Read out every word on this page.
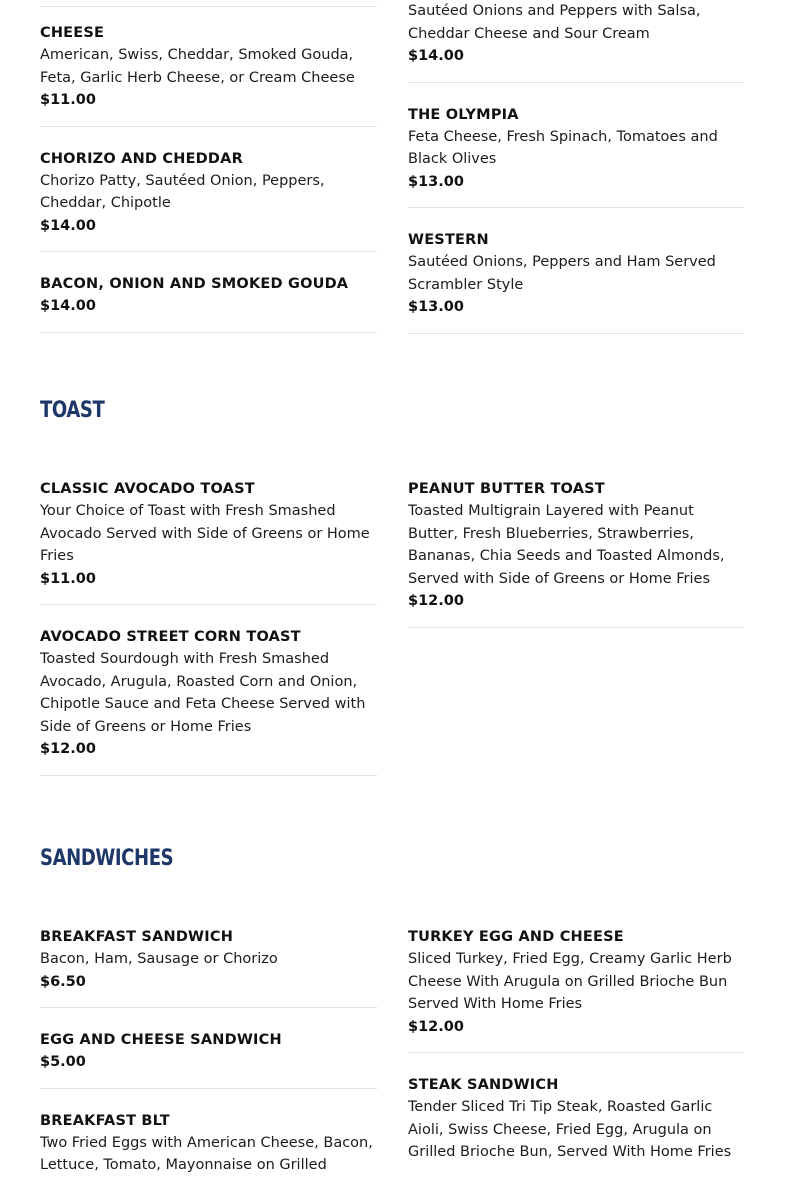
CHEESE
American, Swiss, Cheddar, Smoked Gouda, Feta, Garlic Herb Cheese, or Cream Cheese
$11.00
CHORIZO AND CHEDDAR
Chorizo Patty, Sautéed Onion, Peppers, Cheddar, Chipotle
$14.00
BACON, ONION AND SMOKED GOUDA
$14.00
Sautéed Onions and Peppers with Salsa, Cheddar Cheese and Sour Cream
$14.00
THE OLYMPIA
Feta Cheese, Fresh Spinach, Tomatoes and Black Olives
$13.00
WESTERN
Sautéed Onions, Peppers and Ham Served Scrambler Style
$13.00
TOAST
CLASSIC AVOCADO TOAST
Your Choice of Toast with Fresh Smashed Avocado Served with Side of Greens or Home Fries
$11.00
AVOCADO STREET CORN TOAST
Toasted Sourdough with Fresh Smashed Avocado, Arugula, Roasted Corn and Onion, Chipotle Sauce and Feta Cheese Served with Side of Greens or Home Fries
$12.00
PEANUT BUTTER TOAST
Toasted Multigrain Layered with Peanut Butter, Fresh Blueberries, Strawberries, Bananas, Chia Seeds and Toasted Almonds, Served with Side of Greens or Home Fries
$12.00
SANDWICHES
BREAKFAST SANDWICH
Bacon, Ham, Sausage or Chorizo
$6.50
EGG AND CHEESE SANDWICH
$5.00
BREAKFAST BLT
Two Fried Eggs with American Cheese, Bacon, Lettuce, Tomato, Mayonnaise on Grilled
TURKEY EGG AND CHEESE
Sliced Turkey, Fried Egg, Creamy Garlic Herb Cheese With Arugula on Grilled Brioche Bun Served With Home Fries
$12.00
STEAK SANDWICH
Tender Sliced Tri Tip Steak, Roasted Garlic Aioli, Swiss Cheese, Fried Egg, Arugula on Grilled Brioche Bun, Served With Home Fries
